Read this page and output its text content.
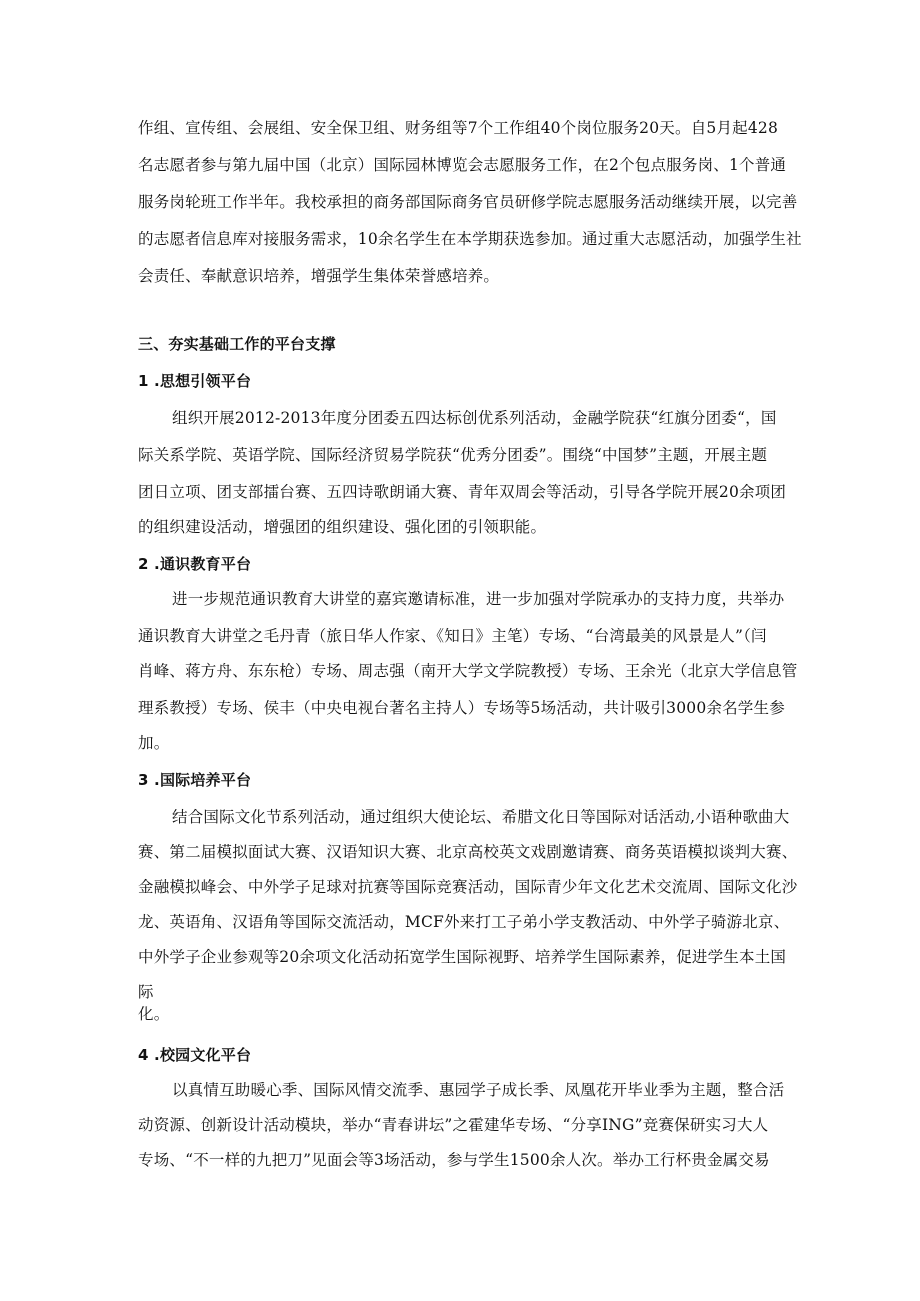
作组、宣传组、会展组、安全保卫组、财务组等7个工作组40个岗位服务20天。自5月起428
名志愿者参与第九届中国（北京）国际园林博览会志愿服务工作，在2个包点服务岗、1个普通
服务岗轮班工作半年。我校承担的商务部国际商务官员研修学院志愿服务活动继续开展，以完善
的志愿者信息库对接服务需求，10余名学生在本学期获选参加。通过重大志愿活动，加强学生社
会责任、奉献意识培养，增强学生集体荣誉感培养。
三、夯实基础工作的平台支撑
1 .思想引领平台
组织开展2012-2013年度分团委五四达标创优系列活动，金融学院获“红旗分团委“，国
际关系学院、英语学院、国际经济贸易学院获“优秀分团委”。围绕“中国梦”主题，开展主题
团日立项、团支部擂台赛、五四诗歌朗诵大赛、青年双周会等活动，引导各学院开展20余项团
的组织建设活动，增强团的组织建设、强化团的引领职能。
2 .通识教育平台
进一步规范通识教育大讲堂的嘉宾邀请标准，进一步加强对学院承办的支持力度，共举办
通识教育大讲堂之毛丹青（旅日华人作家、《知日》主笔）专场、“台湾最美的风景是人”（闫
肖峰、蒋方舟、东东枪）专场、周志强（南开大学文学院教授）专场、王余光（北京大学信息管
理系教授）专场、侯丰（中央电视台著名主持人）专场等5场活动，共计吸引3000余名学生参
加。
3 .国际培养平台
结合国际文化节系列活动，通过组织大使论坛、希腊文化日等国际对话活动,小语种歌曲大
赛、第二届模拟面试大赛、汉语知识大赛、北京高校英文戏剧邀请赛、商务英语模拟谈判大赛、
金融模拟峰会、中外学子足球对抗赛等国际竞赛活动，国际青少年文化艺术交流周、国际文化沙
龙、英语角、汉语角等国际交流活动，MCF外来打工子弟小学支教活动、中外学子骑游北京、
中外学子企业参观等20余项文化活动拓宽学生国际视野、培养学生国际素养，促进学生本土国
际
化。
4 .校园文化平台
以真情互助暖心季、国际风情交流季、惠园学子成长季、凤凰花开毕业季为主题，整合活
动资源、创新设计活动模块，举办“青春讲坛”之霍建华专场、“分享ING”竞赛保研实习大人
专场、“不一样的九把刀”见面会等3场活动，参与学生1500余人次。举办工行杯贵金属交易
